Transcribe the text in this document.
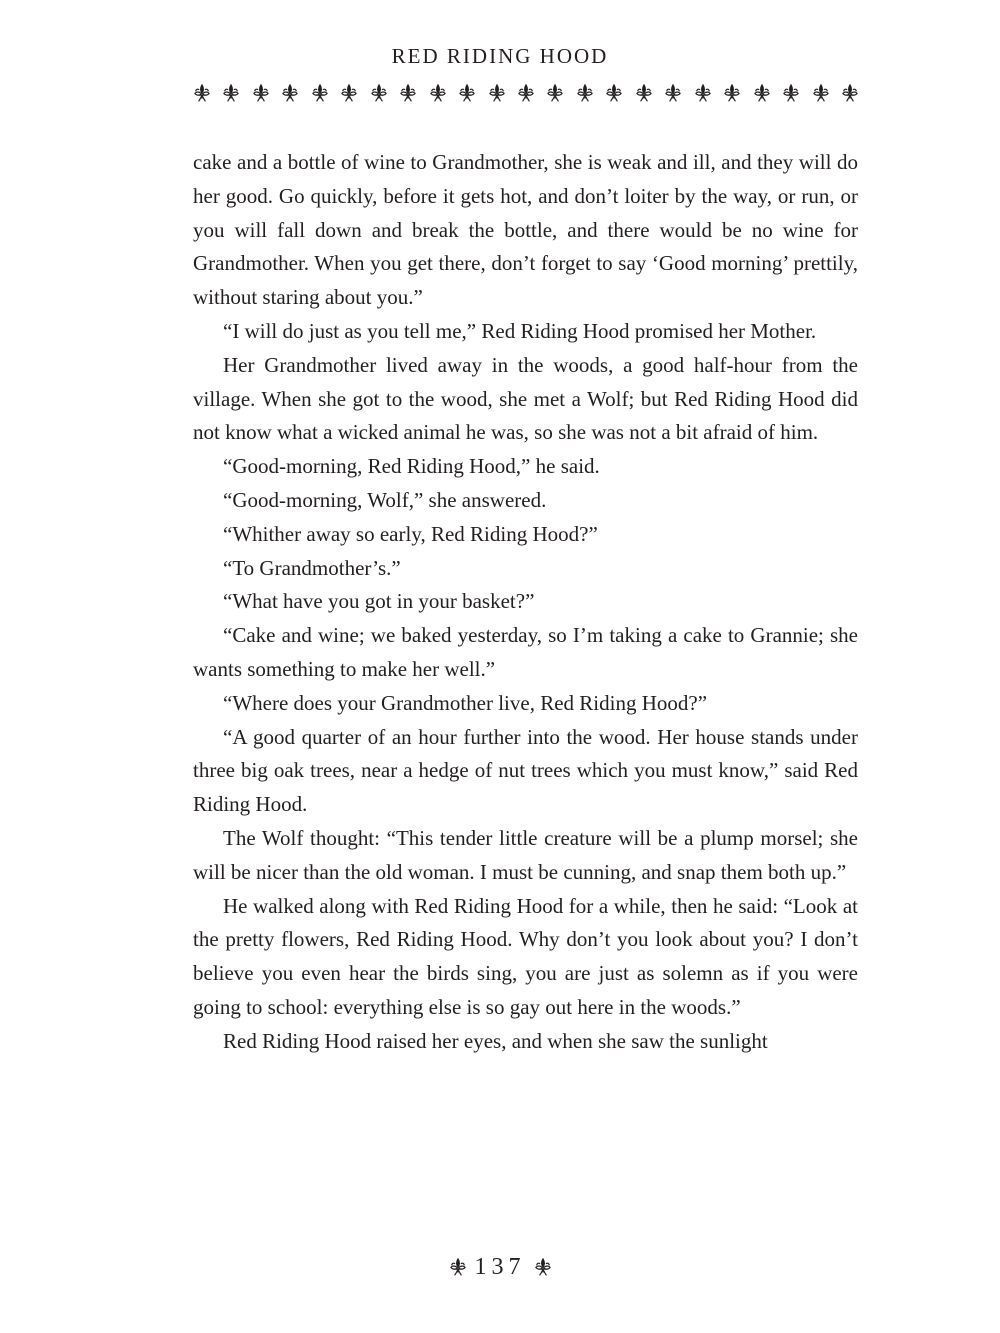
RED RIDING HOOD

cake and a bottle of wine to Grandmother, she is weak and ill, and they will do her good. Go quickly, before it gets hot, and don’t loiter by the way, or run, or you will fall down and break the bottle, and there would be no wine for Grandmother. When you get there, don’t forget to say ‘Good morning’ prettily, without staring about you.”

“I will do just as you tell me,” Red Riding Hood promised her Mother.

Her Grandmother lived away in the woods, a good half-hour from the village. When she got to the wood, she met a Wolf; but Red Riding Hood did not know what a wicked animal he was, so she was not a bit afraid of him.

“Good-morning, Red Riding Hood,” he said.

“Good-morning, Wolf,” she answered.

“Whither away so early, Red Riding Hood?”

“To Grandmother’s.”

“What have you got in your basket?”

“Cake and wine; we baked yesterday, so I’m taking a cake to Grannie; she wants something to make her well.”

“Where does your Grandmother live, Red Riding Hood?”

“A good quarter of an hour further into the wood. Her house stands under three big oak trees, near a hedge of nut trees which you must know,” said Red Riding Hood.

The Wolf thought: “This tender little creature will be a plump morsel; she will be nicer than the old woman. I must be cunning, and snap them both up.”

He walked along with Red Riding Hood for a while, then he said: “Look at the pretty flowers, Red Riding Hood. Why don’t you look about you? I don’t believe you even hear the birds sing, you are just as solemn as if you were going to school: everything else is so gay out here in the woods.”

Red Riding Hood raised her eyes, and when she saw the sunlight

137
